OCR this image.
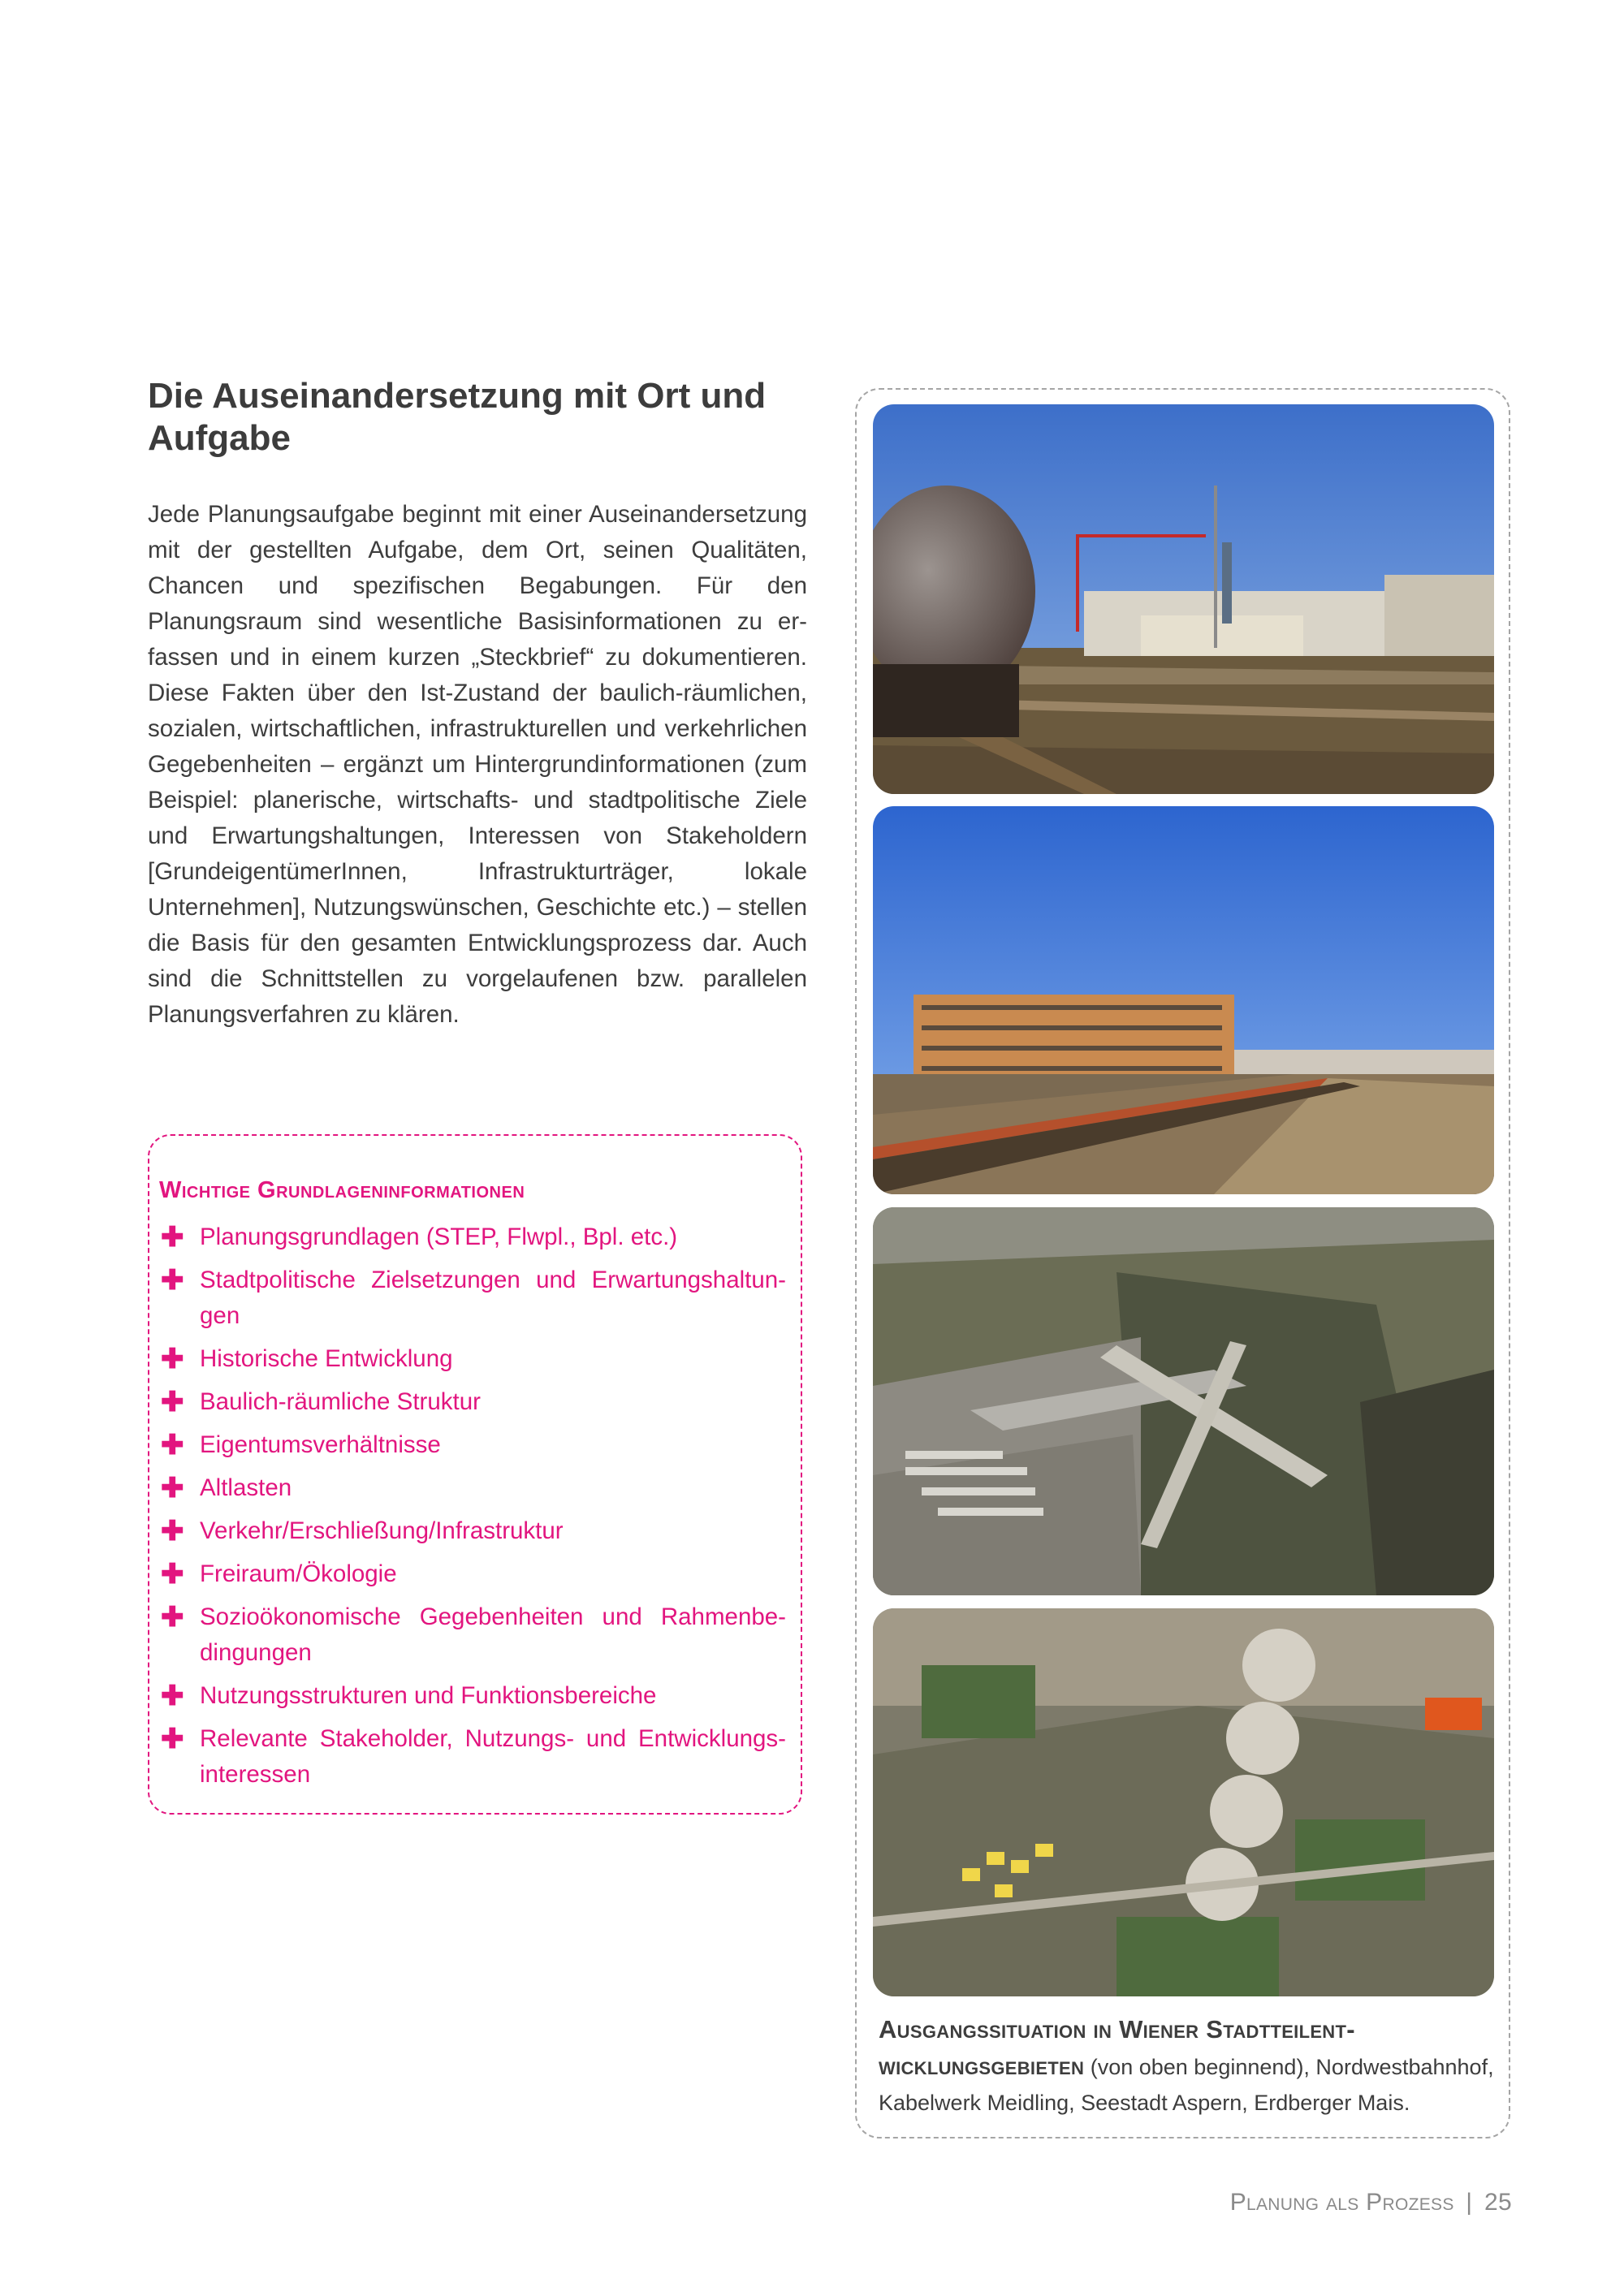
Die Auseinandersetzung mit Ort und Aufgabe

Jede Planungsaufgabe beginnt mit einer Auseinandersetzung mit der gestellten Aufgabe, dem Ort, seinen Qualitäten, Chancen und spezifischen Begabungen. Für den Planungsraum sind wesentliche Basisinformationen zu erfassen und in einem kurzen „Steckbrief“ zu dokumentieren. Diese Fakten über den Ist-Zustand der baulich-räumlichen, sozialen, wirtschaftlichen, infrastrukturellen und verkehrlichen Gegebenheiten – ergänzt um Hintergrundinformationen (zum Beispiel: planerische, wirtschafts- und stadtpolitische Ziele und Erwartungshaltungen, Interessen von Stakeholdern [GrundeigentümerInnen, Infrastrukturträger, lokale Unternehmen], Nutzungswünschen, Geschichte etc.) – stellen die Basis für den gesamten Entwicklungsprozess dar. Auch sind die Schnittstellen zu vorgelaufenen bzw. parallelen Planungsverfahren zu klären.

Wichtige Grundlageninformationen
✚ Planungsgrundlagen (STEP, Flwpl., Bpl. etc.)
✚ Stadtpolitische Zielsetzungen und Erwartungshaltungen
✚ Historische Entwicklung
✚ Baulich-räumliche Struktur
✚ Eigentumsverhältnisse
✚ Altlasten
✚ Verkehr/Erschließung/Infrastruktur
✚ Freiraum/Ökologie
✚ Sozioökonomische Gegebenheiten und Rahmenbedingungen
✚ Nutzungsstrukturen und Funktionsbereiche
✚ Relevante Stakeholder, Nutzungs- und Entwicklungsinteressen
Ausgangssituation in Wiener Stadtteilentwicklungsgebieten (von oben beginnend), Nordwestbahnhof, Kabelwerk Meidling, Seestadt Aspern, Erdberger Mais.
Planung als Prozess | 25
